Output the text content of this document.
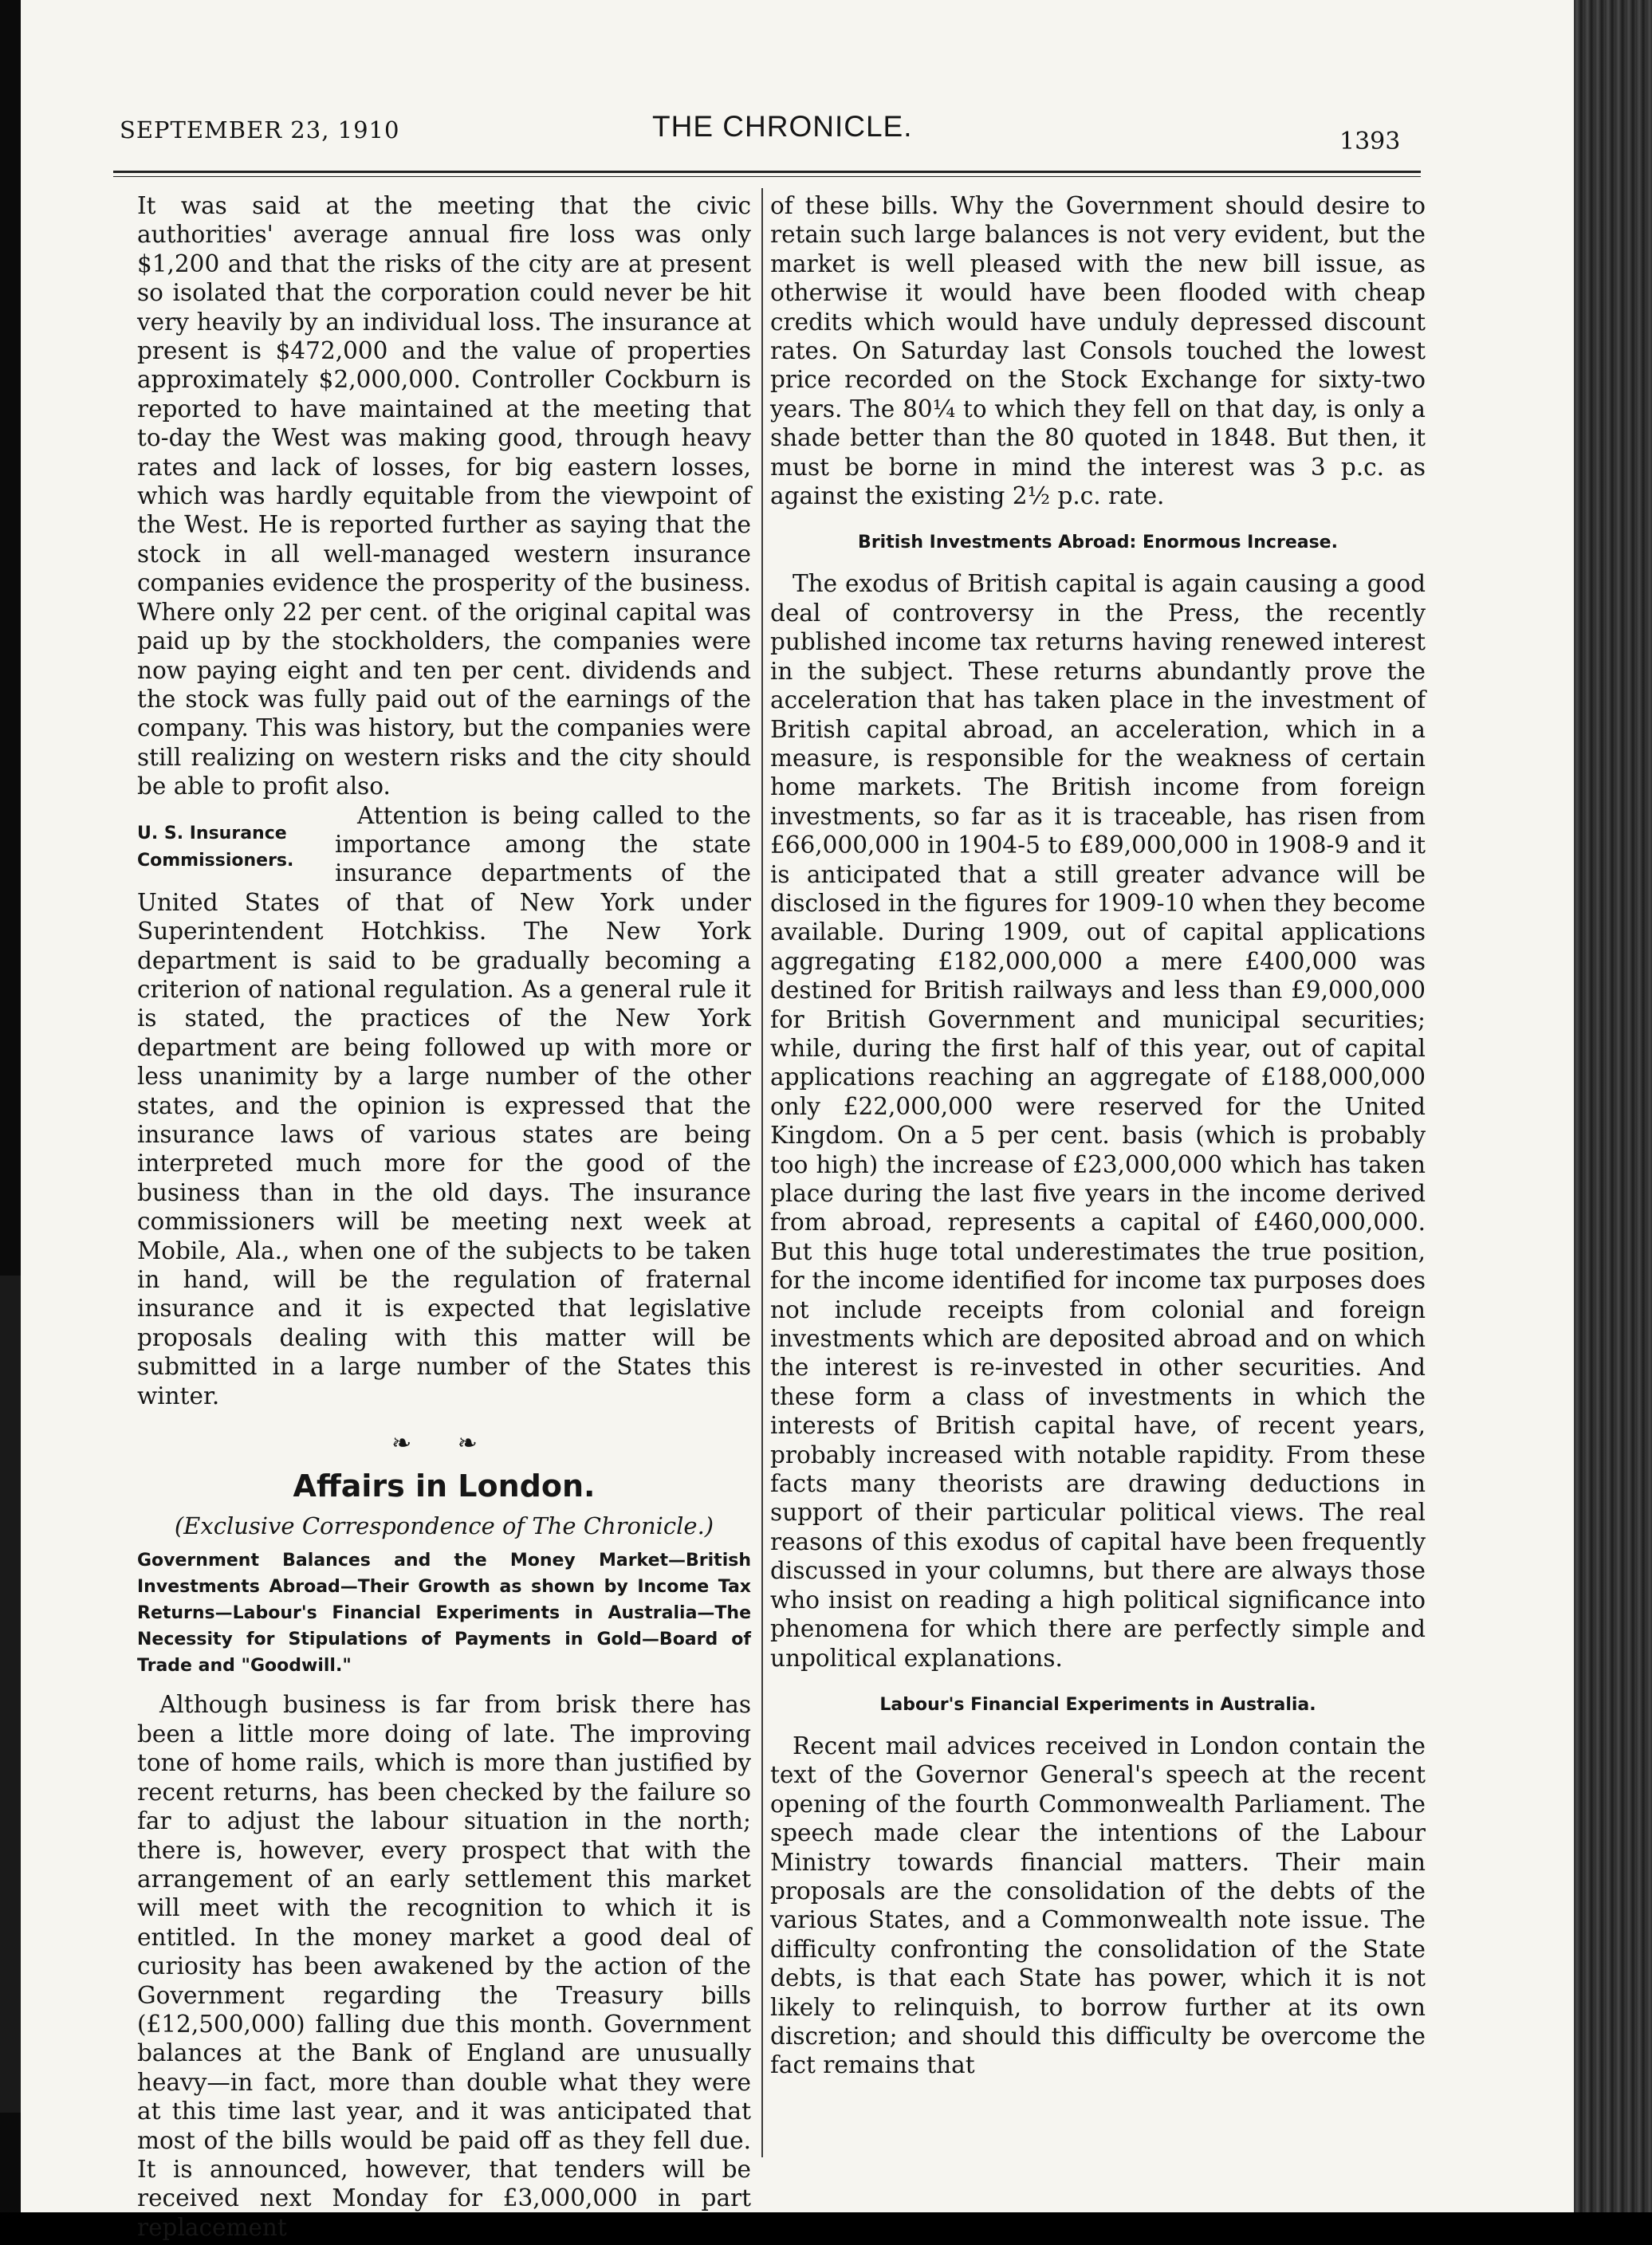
SEPTEMBER 23, 1910	THE CHRONICLE.	1393

It was said at the meeting that the civic authorities' average annual fire loss was only $1,200 and that the risks of the city are at present so isolated that the corporation could never be hit very heavily by an individual loss. The insurance at present is $472,000 and the value of properties approximately $2,000,000. Controller Cockburn is reported to have maintained at the meeting that to-day the West was making good, through heavy rates and lack of losses, for big eastern losses, which was hardly equitable from the viewpoint of the West. He is reported further as saying that the stock in all well-managed western insurance companies evidence the prosperity of the business. Where only 22 per cent. of the original capital was paid up by the stockholders, the companies were now paying eight and ten per cent. dividends and the stock was fully paid out of the earnings of the company. This was history, but the companies were still realizing on western risks and the city should be able to profit also.

U. S. Insurance Commissioners.

Attention is being called to the importance among the state insurance departments of the United States of that of New York under Superintendent Hotchkiss. The New York department is said to be gradually becoming a criterion of national regulation. As a general rule it is stated, the practices of the New York department are being followed up with more or less unanimity by a large number of the other states, and the opinion is expressed that the insurance laws of various states are being interpreted much more for the good of the business than in the old days. The insurance commissioners will be meeting next week at Mobile, Ala., when one of the subjects to be taken in hand, will be the regulation of fraternal insurance and it is expected that legislative proposals dealing with this matter will be submitted in a large number of the States this winter.

❧ ❧
Affairs in London.
(Exclusive Correspondence of The Chronicle.)

Government Balances and the Money Market—British Investments Abroad—Their Growth as shown by Income Tax Returns—Labour's Financial Experiments in Australia—The Necessity for Stipulations of Payments in Gold—Board of Trade and "Goodwill."

Although business is far from brisk there has been a little more doing of late. The improving tone of home rails, which is more than justified by recent returns, has been checked by the failure so far to adjust the labour situation in the north; there is, however, every prospect that with the arrangement of an early settlement this market will meet with the recognition to which it is entitled. In the money market a good deal of curiosity has been awakened by the action of the Government regarding the Treasury bills (£12,500,000) falling due this month. Government balances at the Bank of England are unusually heavy—in fact, more than double what they were at this time last year, and it was anticipated that most of the bills would be paid off as they fell due. It is announced, however, that tenders will be received next Monday for £3,000,000 in part replacement

of these bills. Why the Government should desire to retain such large balances is not very evident, but the market is well pleased with the new bill issue, as otherwise it would have been flooded with cheap credits which would have unduly depressed discount rates. On Saturday last Consols touched the lowest price recorded on the Stock Exchange for sixty-two years. The 80¼ to which they fell on that day, is only a shade better than the 80 quoted in 1848. But then, it must be borne in mind the interest was 3 p.c. as against the existing 2½ p.c. rate.

British Investments Abroad: Enormous Increase.

The exodus of British capital is again causing a good deal of controversy in the Press, the recently published income tax returns having renewed interest in the subject. These returns abundantly prove the acceleration that has taken place in the investment of British capital abroad, an acceleration, which in a measure, is responsible for the weakness of certain home markets. The British income from foreign investments, so far as it is traceable, has risen from £66,000,000 in 1904-5 to £89,000,000 in 1908-9 and it is anticipated that a still greater advance will be disclosed in the figures for 1909-10 when they become available. During 1909, out of capital applications aggregating £182,000,000 a mere £400,000 was destined for British railways and less than £9,000,000 for British Government and municipal securities; while, during the first half of this year, out of capital applications reaching an aggregate of £188,000,000 only £22,000,000 were reserved for the United Kingdom. On a 5 per cent. basis (which is probably too high) the increase of £23,000,000 which has taken place during the last five years in the income derived from abroad, represents a capital of £460,000,000. But this huge total underestimates the true position, for the income identified for income tax purposes does not include receipts from colonial and foreign investments which are deposited abroad and on which the interest is re-invested in other securities. And these form a class of investments in which the interests of British capital have, of recent years, probably increased with notable rapidity. From these facts many theorists are drawing deductions in support of their particular political views. The real reasons of this exodus of capital have been frequently discussed in your columns, but there are always those who insist on reading a high political significance into phenomena for which there are perfectly simple and unpolitical explanations.

Labour's Financial Experiments in Australia.

Recent mail advices received in London contain the text of the Governor General's speech at the recent opening of the fourth Commonwealth Parliament. The speech made clear the intentions of the Labour Ministry towards financial matters. Their main proposals are the consolidation of the debts of the various States, and a Commonwealth note issue. The difficulty confronting the consolidation of the State debts, is that each State has power, which it is not likely to relinquish, to borrow further at its own discretion; and should this difficulty be overcome the fact remains that
